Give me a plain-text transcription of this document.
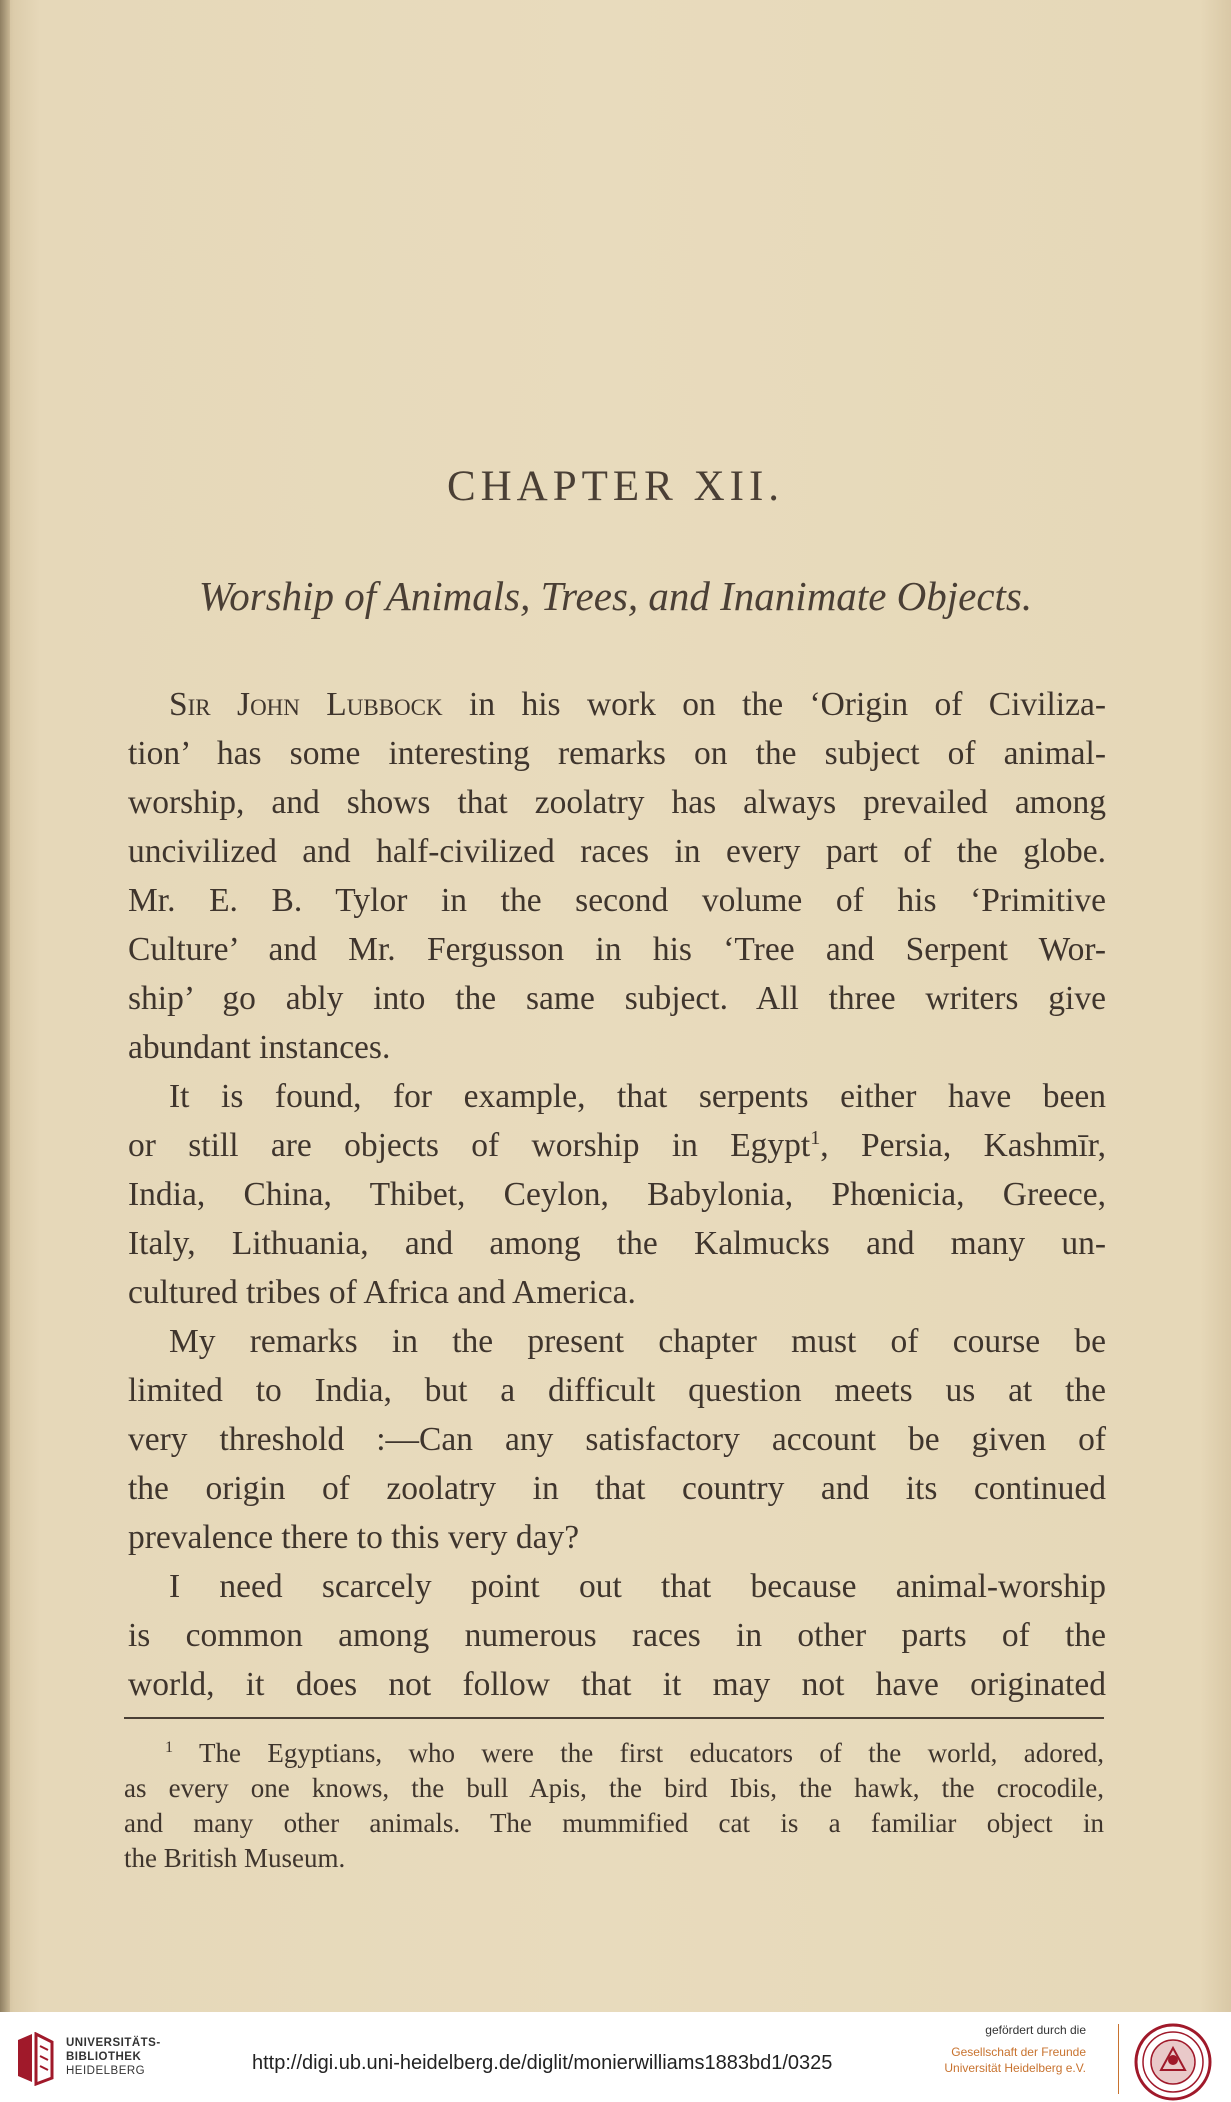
CHAPTER XII.
Worship of Animals, Trees, and Inanimate Objects.
Sir John Lubbock in his work on the ‘Origin of Civiliza-
tion’ has some interesting remarks on the subject of animal-
worship, and shows that zoolatry has always prevailed among
uncivilized and half-civilized races in every part of the globe.
Mr. E. B. Tylor in the second volume of his ‘Primitive
Culture’ and Mr. Fergusson in his ‘Tree and Serpent Wor-
ship’ go ably into the same subject. All three writers give
abundant instances.
It is found, for example, that serpents either have been
or still are objects of worship in Egypt$^1$, Persia, Kashmīr,
India, China, Thibet, Ceylon, Babylonia, Phœnicia, Greece,
Italy, Lithuania, and among the Kalmucks and many un-
cultured tribes of Africa and America.
My remarks in the present chapter must of course be
limited to India, but a difficult question meets us at the
very threshold :—Can any satisfactory account be given of
the origin of zoolatry in that country and its continued
prevalence there to this very day?
I need scarcely point out that because animal-worship
is common among numerous races in other parts of the
world, it does not follow that it may not have originated
$^1$ The Egyptians, who were the first educators of the world, adored,
as every one knows, the bull Apis, the bird Ibis, the hawk, the crocodile,
and many other animals. The mummified cat is a familiar object in
the British Museum.
UNIVERSITÄTS-
BIBLIOTHEK
HEIDELBERG	http://digi.ub.uni-heidelberg.de/diglit/monierwilliams1883bd1/0325
gefördert durch die
Gesellschaft der Freunde
Universität Heidelberg e.V.
